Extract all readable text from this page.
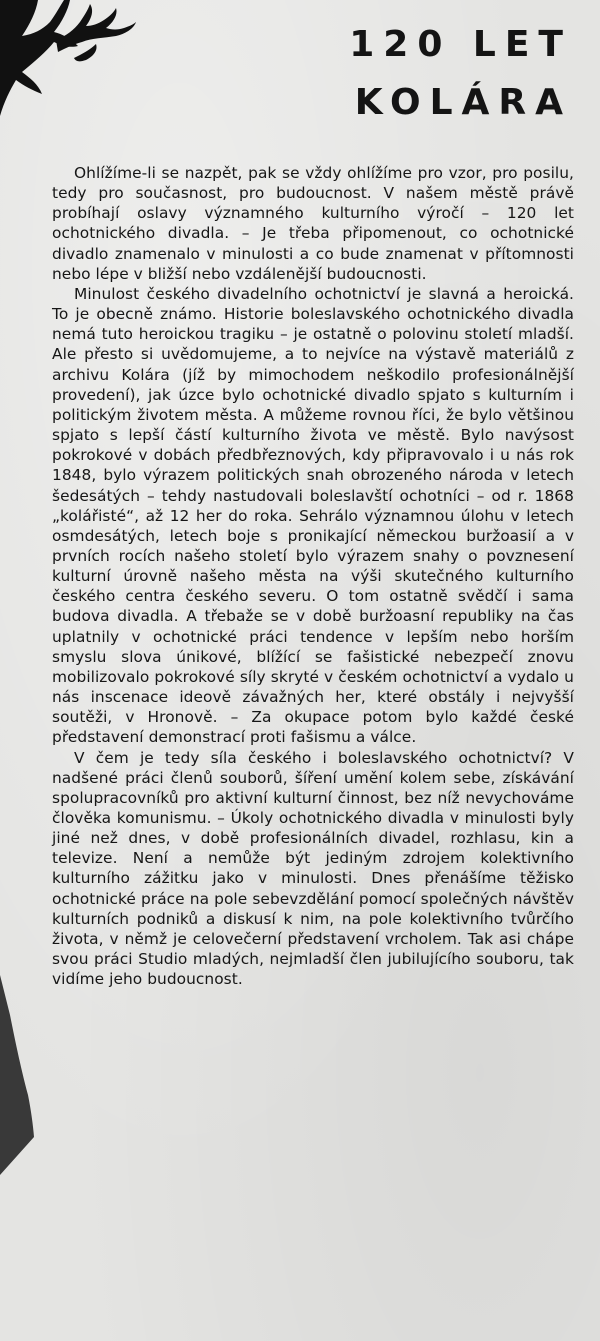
120 LET
KOLÁRA

Ohlížíme-li se nazpět, pak se vždy ohlížíme pro vzor, pro posilu, tedy pro současnost, pro budoucnost. V našem městě právě probíhají oslavy významného kulturního výročí – 120 let ochotnického divadla. – Je třeba připomenout, co ochotnické divadlo znamenalo v minulosti a co bude znamenat v přítomnosti nebo lépe v bližší nebo vzdálenější budoucnosti.

Minulost českého divadelního ochotnictví je slavná a heroická. To je obecně známo. Historie boleslavského ochotnického divadla nemá tuto heroickou tragiku – je ostatně o polovinu století mladší. Ale přesto si uvědomujeme, a to nejvíce na výstavě materiálů z archivu Kolára (jíž by mimochodem neškodilo profesionálnější provedení), jak úzce bylo ochotnické divadlo spjato s kulturním i politickým životem města. A můžeme rovnou říci, že bylo většinou spjato s lepší částí kulturního života ve městě. Bylo navýsost pokrokové v dobách předbřeznových, kdy připravovalo i u nás rok 1848, bylo výrazem politických snah obrozeného národa v letech šedesátých – tehdy nastudovali boleslavští ochotníci – od r. 1868 „kolářisté“, až 12 her do roka. Sehrálo významnou úlohu v letech osmdesátých, letech boje s pronikající německou buržoasií a v prvních rocích našeho století bylo výrazem snahy o povznesení kulturní úrovně našeho města na výši skutečného kulturního českého centra českého severu. O tom ostatně svědčí i sama budova divadla. A třebaže se v době buržoasní republiky na čas uplatnily v ochotnické práci tendence v lepším nebo horším smyslu slova únikové, blížící se fašistické nebezpečí znovu mobilizovalo pokrokové síly skryté v českém ochotnictví a vydalo u nás inscenace ideově závažných her, které obstály i nejvyšší soutěži, v Hronově. – Za okupace potom bylo každé české představení demonstrací proti fašismu a válce.

V čem je tedy síla českého i boleslavského ochotnictví? V nadšené práci členů souborů, šíření umění kolem sebe, získávání spolupracovníků pro aktivní kulturní činnost, bez níž nevychováme člověka komunismu. – Úkoly ochotnického divadla v minulosti byly jiné než dnes, v době profesionálních divadel, rozhlasu, kin a televize. Není a nemůže být jediným zdrojem kolektivního kulturního zážitku jako v minulosti. Dnes přenášíme těžisko ochotnické práce na pole sebevzdělání pomocí společných návštěv kulturních podniků a diskusí k nim, na pole kolektivního tvůrčího života, v němž je celovečerní představení vrcholem. Tak asi chápe svou práci Studio mladých, nejmladší člen jubilujícího souboru, tak vidíme jeho budoucnost.
